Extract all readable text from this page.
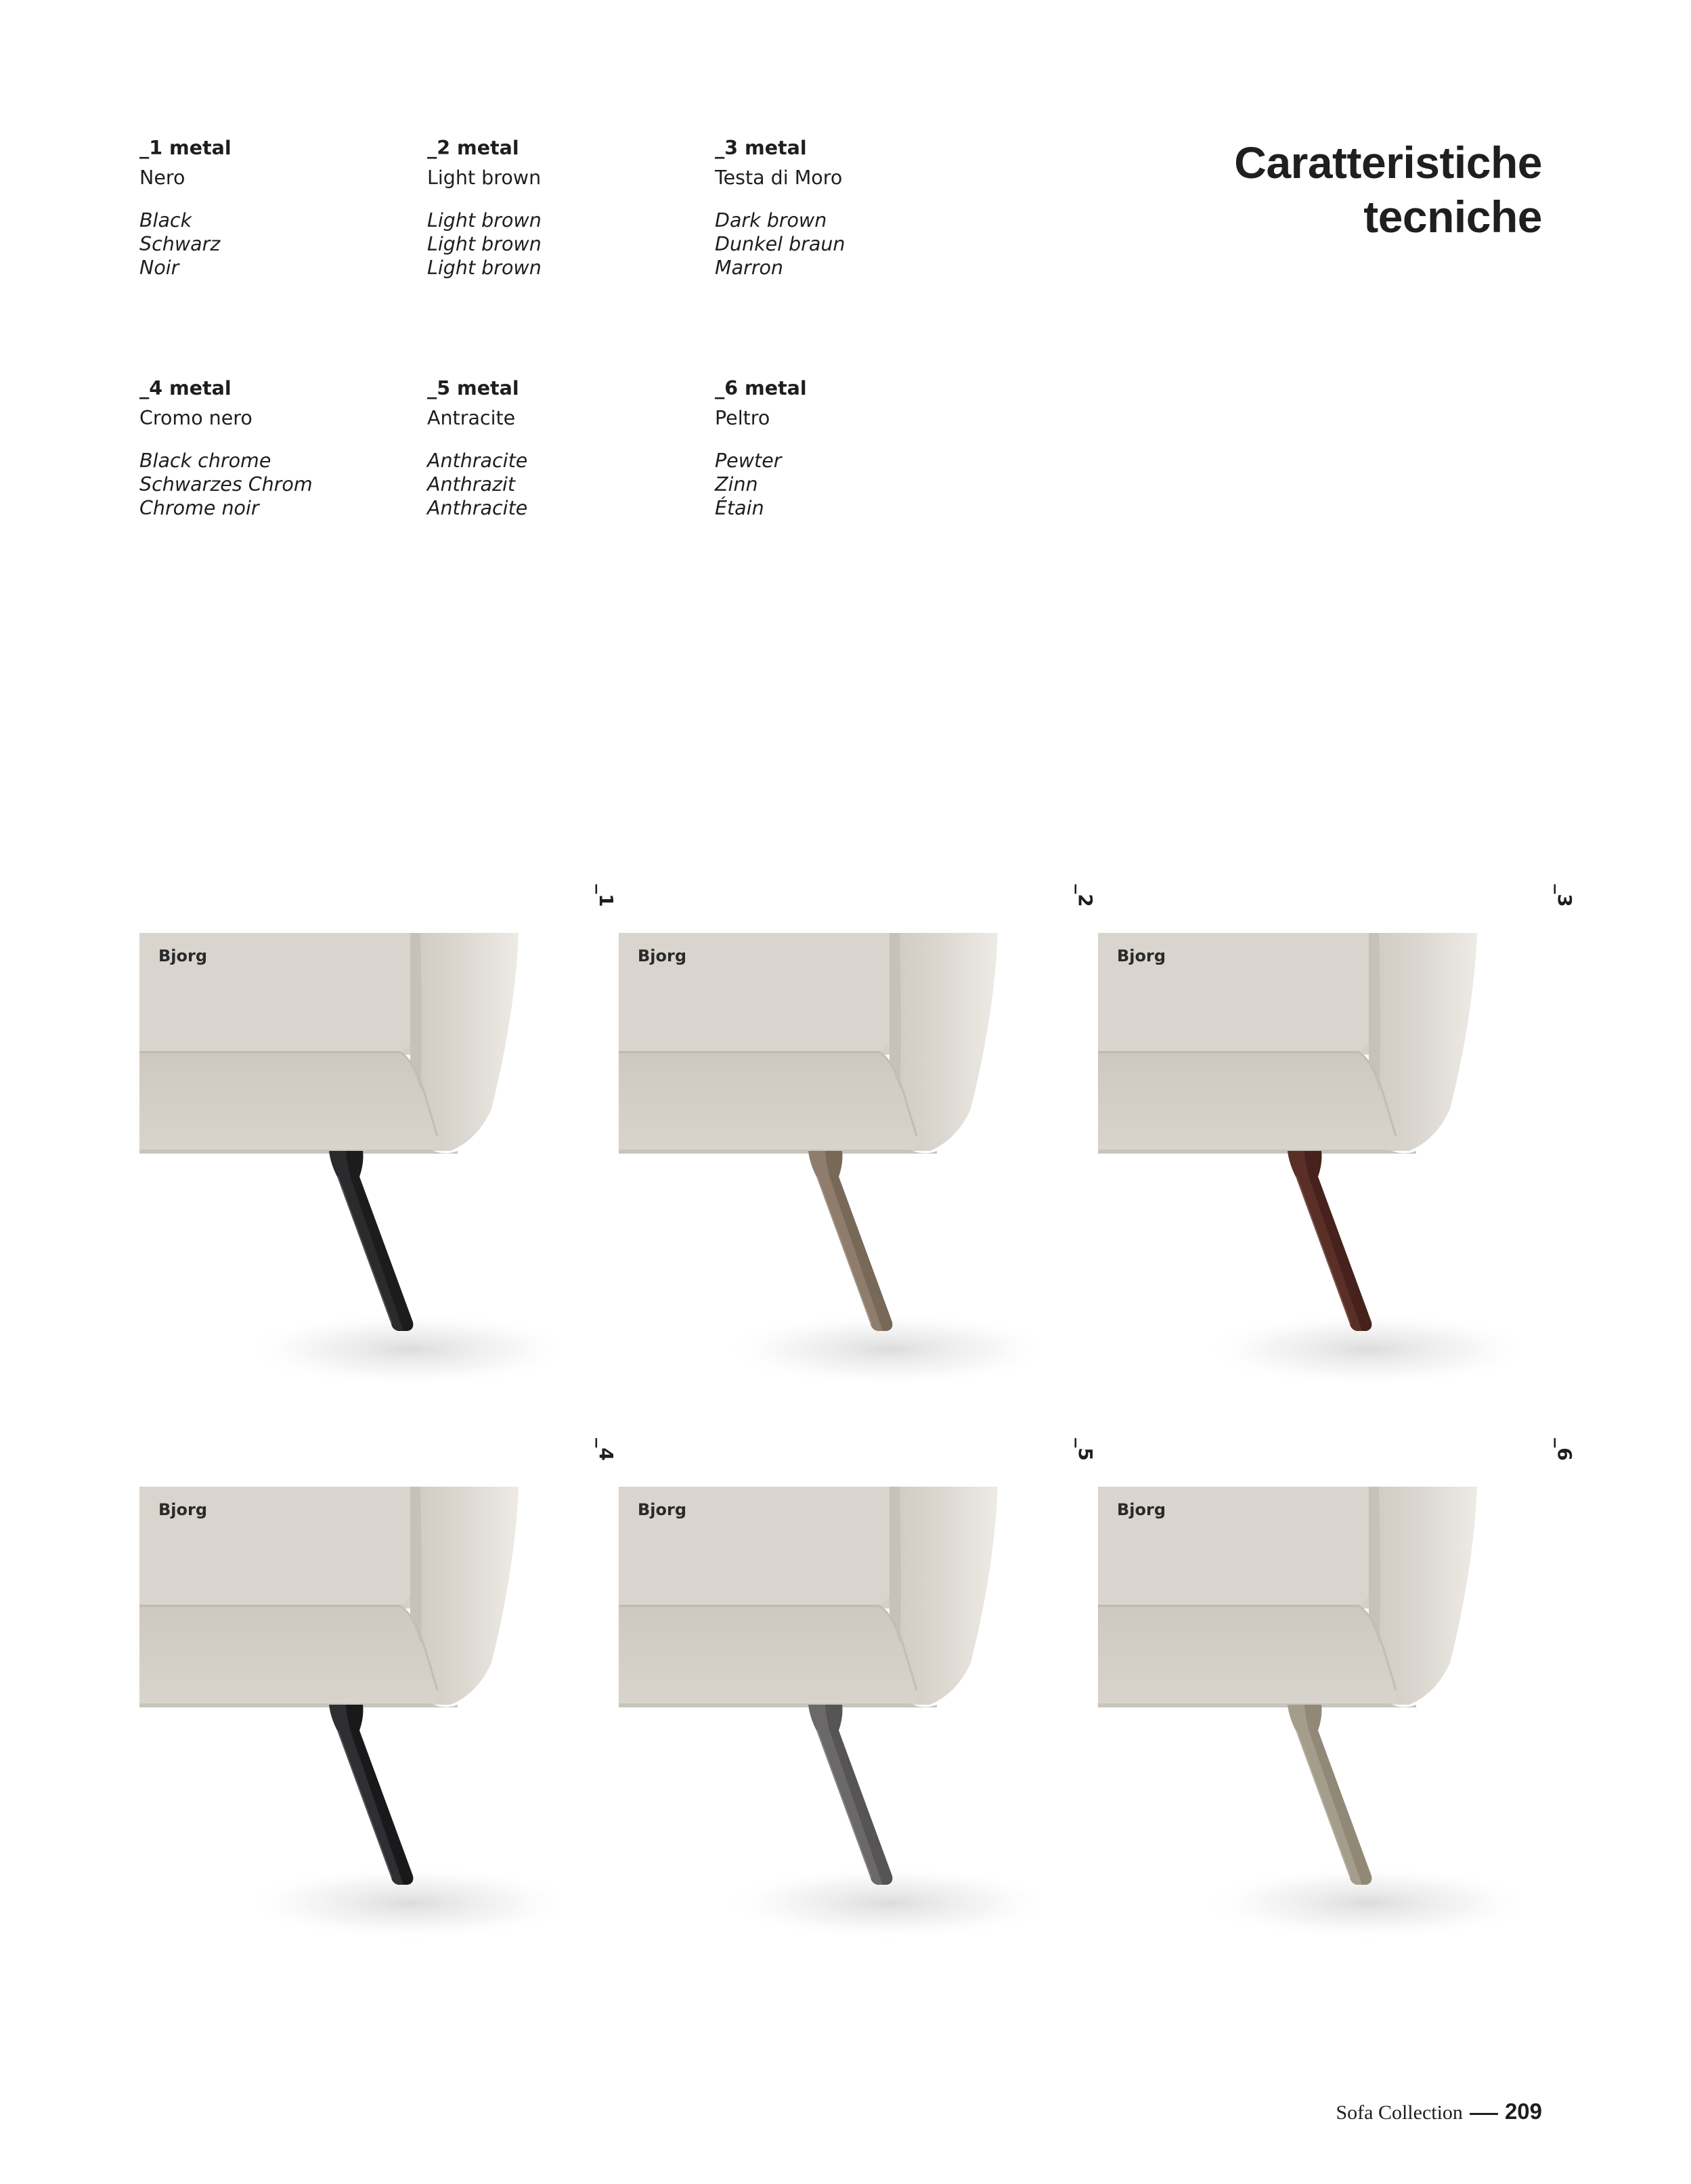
Caratteristiche
tecniche
_1 metal
Nero
Black
Schwarz
Noir
_2 metal
Light brown
Light brown
Light brown
Light brown
_3 metal
Testa di Moro
Dark brown
Dunkel braun
Marron
_4 metal
Cromo nero
Black chrome
Schwarzes Chrom
Chrome noir
_5 metal
Antracite
Anthracite
Anthrazit
Anthracite
_6 metal
Peltro
Pewter
Zinn
Étain
Bjorg
_1
Bjorg
_2
Bjorg
_3
Bjorg
_4
Bjorg
_5
Bjorg
_6
Sofa Collection 209
